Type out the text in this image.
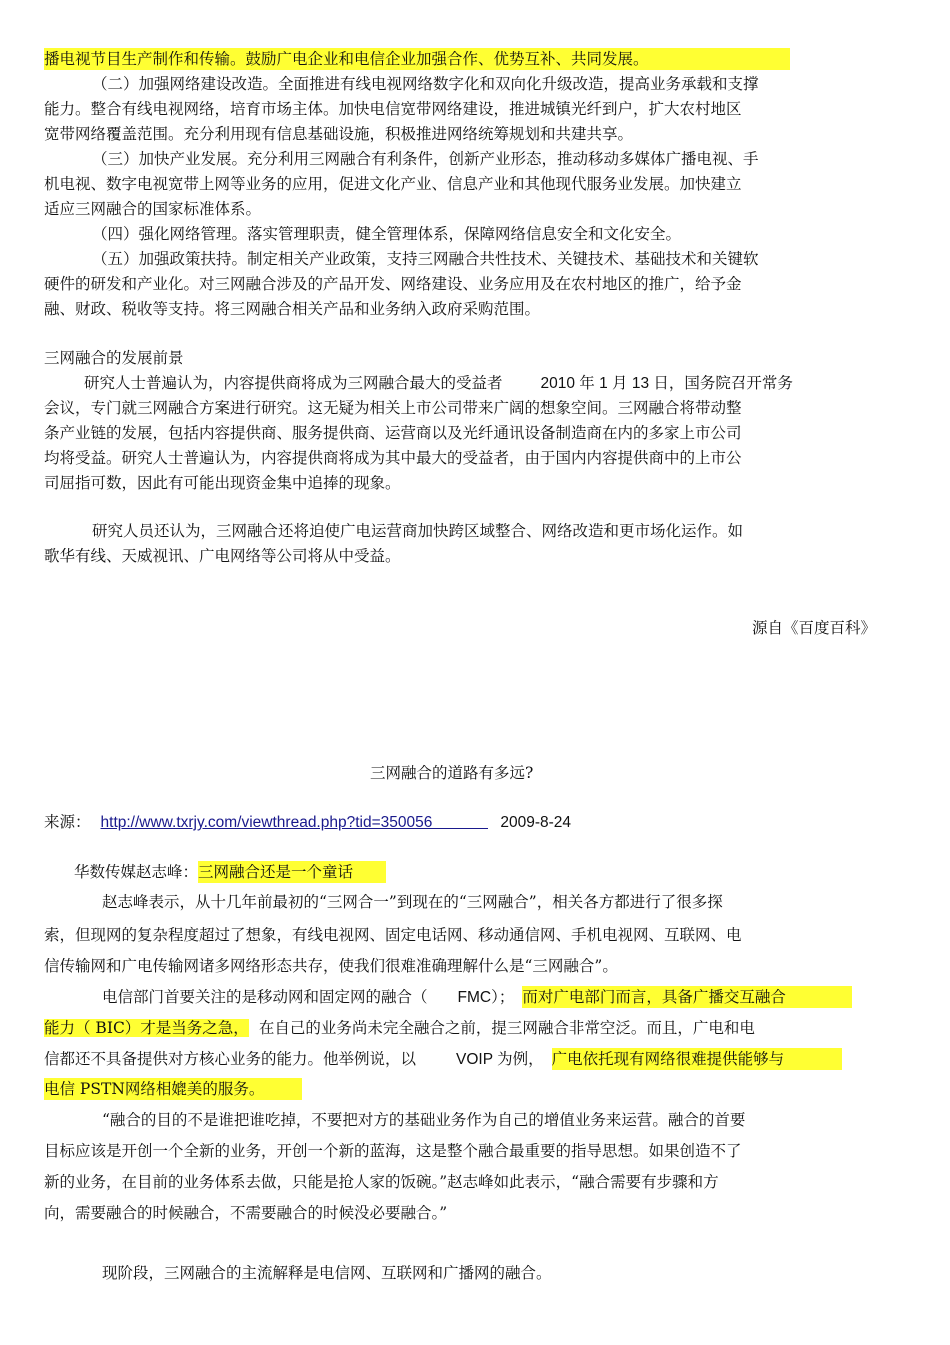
播电视节目生产制作和传输。鼓励广电企业和电信企业加强合作、优势互补、共同发展。
（二）加强网络建设改造。全面推进有线电视网络数字化和双向化升级改造，提高业务承载和支撑
能力。整合有线电视网络，培育市场主体。加快电信宽带网络建设，推进城镇光纤到户，扩大农村地区
宽带网络覆盖范围。充分利用现有信息基础设施，积极推进网络统筹规划和共建共享。
（三）加快产业发展。充分利用三网融合有利条件，创新产业形态，推动移动多媒体广播电视、手
机电视、数字电视宽带上网等业务的应用，促进文化产业、信息产业和其他现代服务业发展。加快建立
适应三网融合的国家标准体系。
（四）强化网络管理。落实管理职责，健全管理体系，保障网络信息安全和文化安全。
（五）加强政策扶持。制定相关产业政策，支持三网融合共性技术、关键技术、基础技术和关键软
硬件的研发和产业化。对三网融合涉及的产品开发、网络建设、业务应用及在农村地区的推广，给予金
融、财政、税收等支持。将三网融合相关产品和业务纳入政府采购范围。
三网融合的发展前景
研究人士普遍认为，内容提供商将成为三网融合最大的受益者 2010 年 1 月 13 日，国务院召开常务
会议，专门就三网融合方案进行研究。这无疑为相关上市公司带来广阔的想象空间。三网融合将带动整
条产业链的发展，包括内容提供商、服务提供商、运营商以及光纤通讯设备制造商在内的多家上市公司
均将受益。研究人士普遍认为，内容提供商将成为其中最大的受益者，由于国内内容提供商中的上市公
司屈指可数，因此有可能出现资金集中追捧的现象。
研究人员还认为，三网融合还将迫使广电运营商加快跨区域整合、网络改造和更市场化运作。如
歌华有线、天威视讯、广电网络等公司将从中受益。
源自《百度百科》
三网融合的道路有多远?
来源： http://www.txrjy.com/viewthread.php?tid=350056	2009-8-24
华数传媒赵志峰：三网融合还是一个童话
赵志峰表示，从十几年前最初的“三网合一”到现在的“三网融合”，相关各方都进行了很多探
索，但现网的复杂程度超过了想象，有线电视网、固定电话网、移动通信网、手机电视网、互联网、电
信传输网和广电传输网诸多网络形态共存，使我们很难准确理解什么是“三网融合”。
电信部门首要关注的是移动网和固定网的融合（ FMC）； 而对广电部门而言，具备广播交互融合
能力（ BIC）才是当务之急， 在自己的业务尚未完全融合之前，提三网融合非常空泛。而且，广电和电
信都还不具备提供对方核心业务的能力。他举例说，以	VOIP 为例， 广电依托现有网络很难提供能够与
电信 PSTN网络相媲美的服务。
“融合的目的不是谁把谁吃掉，不要把对方的基础业务作为自己的增值业务来运营。融合的首要
目标应该是开创一个全新的业务，开创一个新的蓝海，这是整个融合最重要的指导思想。如果创造不了
新的业务，在目前的业务体系去做，只能是抢人家的饭碗。”赵志峰如此表示，“融合需要有步骤和方
向，需要融合的时候融合，不需要融合的时候没必要融合。”
现阶段，三网融合的主流解释是电信网、互联网和广播网的融合。
